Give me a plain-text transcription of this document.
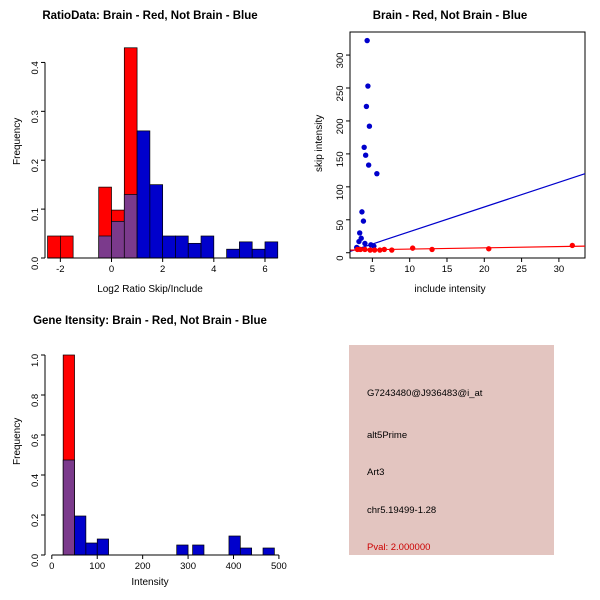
RatioData: Brain - Red, Not Brain - Blue
-2	0	2	4	6
0.0
0.1
0.2
0.3
0.4
Log2 Ratio Skip/Include
Frequency
Brain - Red, Not Brain - Blue
5	10	15	20	25	30
0
50
100
150
200
250
300
include intensity
skip intensity
Gene Itensity: Brain - Red, Not Brain - Blue
0	100	200	300	400	500
0.0
0.2
0.4
0.6
0.8
1.0
Intensity
Frequency
G7243480@J936483@i_at
alt5Prime
Art3
chr5.19499-1.28
Pval: 2.000000
